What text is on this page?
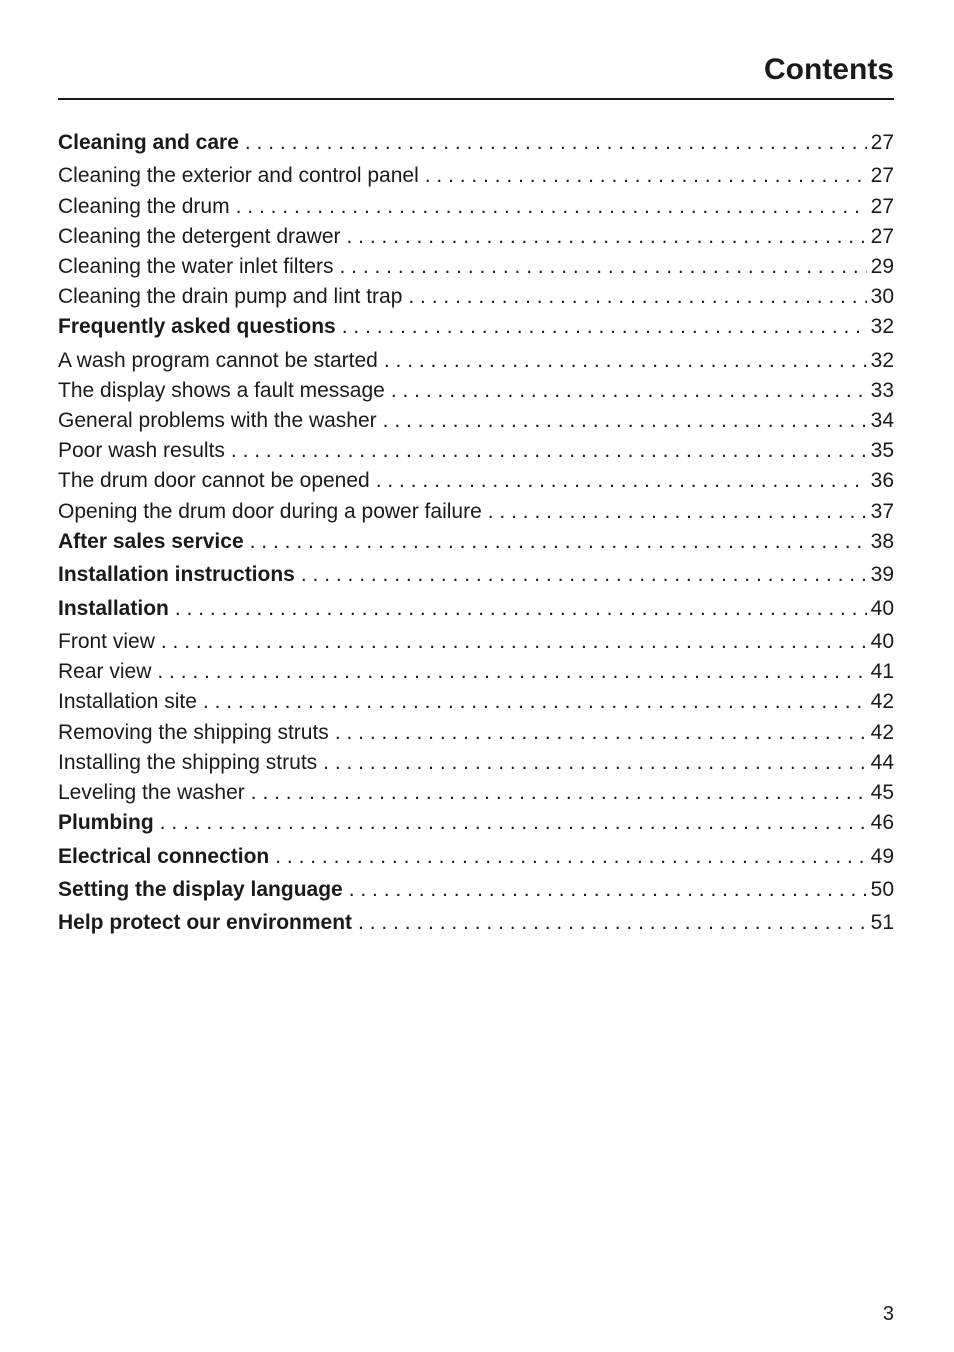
Contents
Cleaning and care . . .	27
Cleaning the exterior and control panel . . .	27
Cleaning the drum . . .	27
Cleaning the detergent drawer . . .	27
Cleaning the water inlet filters . . .	29
Cleaning the drain pump and lint trap . . .	30
Frequently asked questions . . .	32
A wash program cannot be started . . .	32
The display shows a fault message . . .	33
General problems with the washer . . .	34
Poor wash results . . .	35
The drum door cannot be opened . . .	36
Opening the drum door during a power failure . . .	37
After sales service . . .	38
Installation instructions . . .	39
Installation . . .	40
Front view . . .	40
Rear view . . .	41
Installation site . . .	42
Removing the shipping struts . . .	42
Installing the shipping struts . . .	44
Leveling the washer . . .	45
Plumbing . . .	46
Electrical connection . . .	49
Setting the display language . . .	50
Help protect our environment . . .	51
3
